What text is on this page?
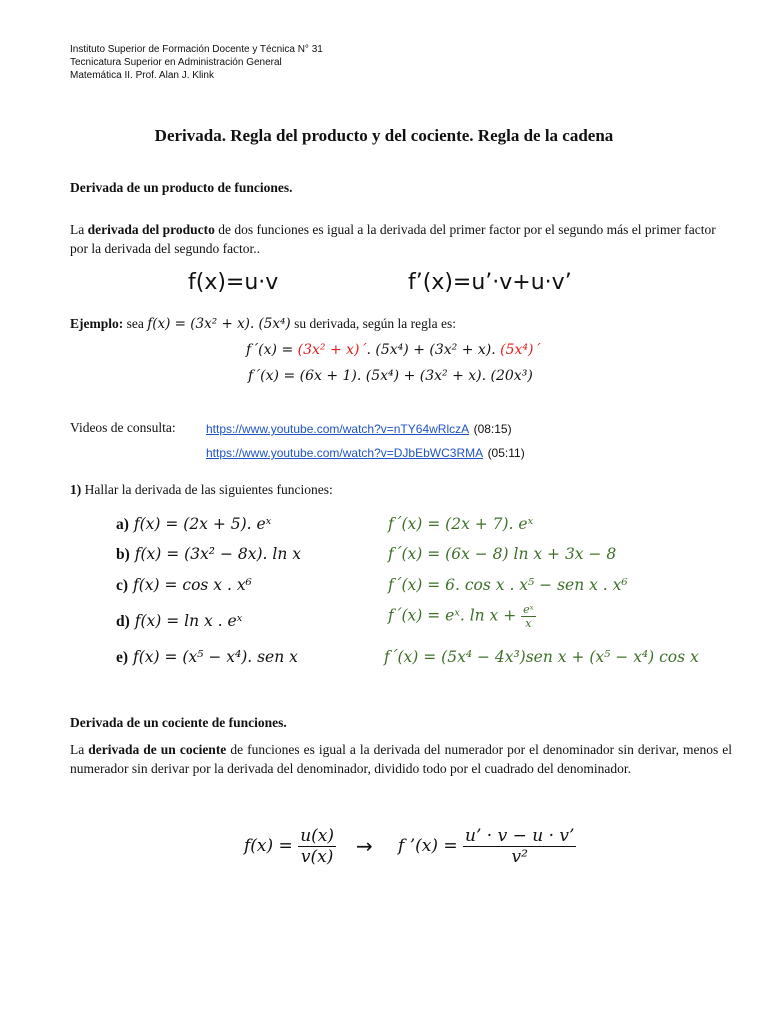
Instituto Superior de Formación Docente y Técnica N° 31
Tecnicatura Superior en Administración General
Matemática II. Prof. Alan J. Klink
Derivada. Regla del producto y del cociente. Regla de la cadena
Derivada de un producto de funciones.
La derivada del producto de dos funciones es igual a la derivada del primer factor por el segundo más el primer factor por la derivada del segundo factor..
f(x)=u·v	f’(x)=u’·v+u·v’
Ejemplo: sea f(x) = (3x² + x). (5x⁴) su derivada, según la regla es:
f´(x) = (3x² + x)´. (5x⁴) + (3x² + x). (5x⁴)´
f´(x) = (6x + 1). (5x⁴) + (3x² + x). (20x³)
Videos de consulta:	https://www.youtube.com/watch?v=nTY64wRlczA (08:15)
https://www.youtube.com/watch?v=DJbEbWC3RMA (05:11)
1) Hallar la derivada de las siguientes funciones:
a) f(x) = (2x + 5). eˣ	f´(x) = (2x + 7). eˣ
b) f(x) = (3x² − 8x). ln x	f´(x) = (6x − 8) ln x + 3x − 8
c) f(x) = cos x . x⁶	f´(x) = 6. cos x . x⁵ − sen x . x⁶
d) f(x) = ln x . eˣ	f´(x) = eˣ. $\ln x + \frac{\text{eˣ}}{x}$
e) f(x) = (x⁵ − x⁴). sen x	f´(x) = (5x⁴ − 4x³)sen x + (x⁵ − x⁴) cos x
Derivada de un cociente de funciones.
La derivada de un cociente de funciones es igual a la derivada del numerador por el denominador sin derivar, menos el numerador sin derivar por la derivada del denominador, dividido todo por el cuadrado del denominador.
$f(x) = \frac{u(x)}{v(x)} \to f$ ’(x) = $\frac{u’ \cdot v - u \cdot v’}{\text{v²}}$
